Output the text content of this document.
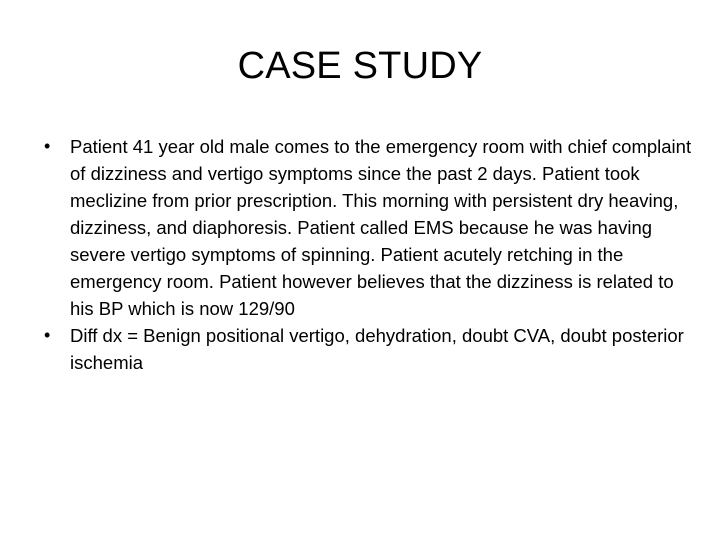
CASE STUDY
•	Patient 41 year old male comes to the emergency room with chief complaint of dizziness and vertigo symptoms since the past 2 days. Patient took meclizine from prior prescription. This morning with persistent dry heaving, dizziness, and diaphoresis. Patient called EMS because he was having severe vertigo symptoms of spinning. Patient acutely retching in the emergency room. Patient however believes that the dizziness is related to his BP which is now 129/90
•	Diff dx = Benign positional vertigo, dehydration, doubt CVA, doubt posterior ischemia
